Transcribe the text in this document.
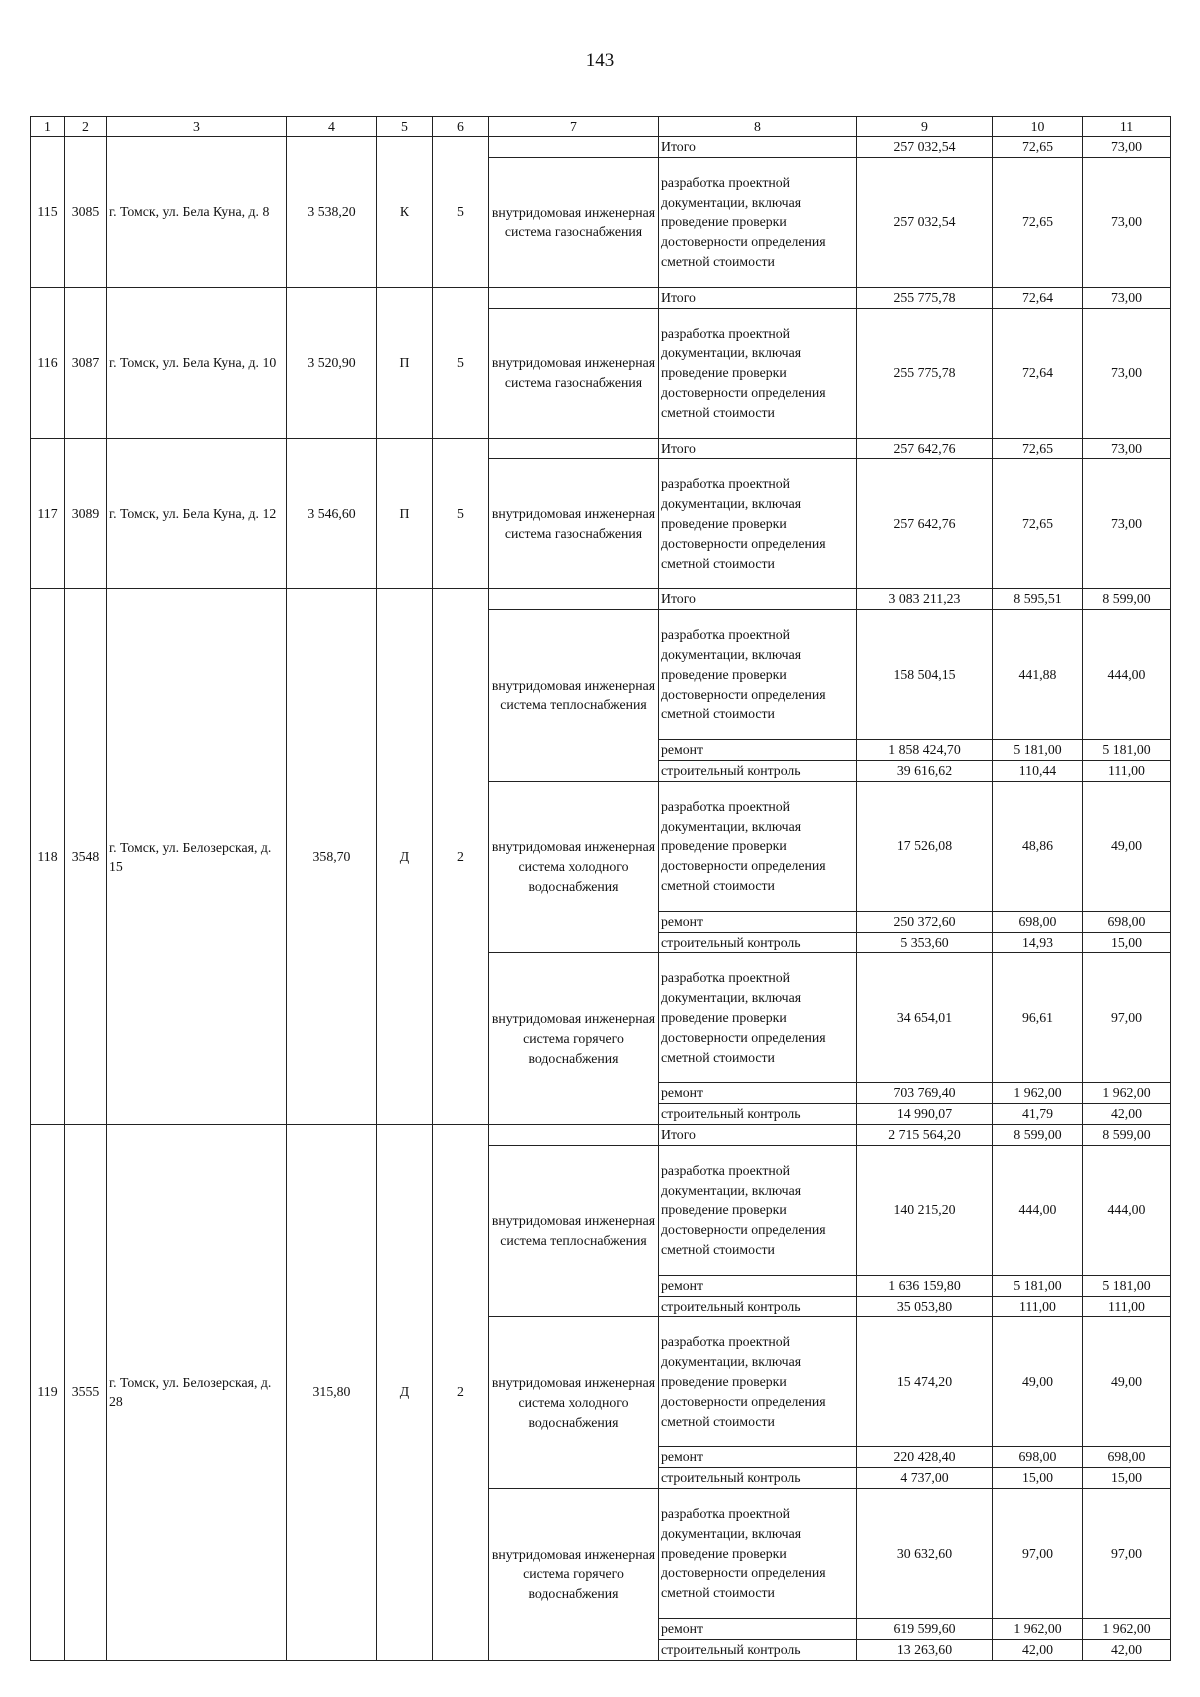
143
1	2	3	4	5	6	7	8	9	10	11
115	3085	г. Томск, ул. Бела Куна, д. 8	3 538,20	К	5		Итого	257 032,54	72,65	73,00
						внутридомовая инженерная система газоснабжения	разработка проектной документации, включая проведение проверки достоверности определения сметной стоимости	257 032,54	72,65	73,00
116	3087	г. Томск, ул. Бела Куна, д. 10	3 520,90	П	5		Итого	255 775,78	72,64	73,00
						внутридомовая инженерная система газоснабжения	разработка проектной документации, включая проведение проверки достоверности определения сметной стоимости	255 775,78	72,64	73,00
117	3089	г. Томск, ул. Бела Куна, д. 12	3 546,60	П	5		Итого	257 642,76	72,65	73,00
						внутридомовая инженерная система газоснабжения	разработка проектной документации, включая проведение проверки достоверности определения сметной стоимости	257 642,76	72,65	73,00
118	3548	г. Томск, ул. Белозерская, д. 15	358,70	Д	2		Итого	3 083 211,23	8 595,51	8 599,00
						внутридомовая инженерная система теплоснабжения	разработка проектной документации, включая проведение проверки достоверности определения сметной стоимости	158 504,15	441,88	444,00
							ремонт	1 858 424,70	5 181,00	5 181,00
							строительный контроль	39 616,62	110,44	111,00
						внутридомовая инженерная система холодного водоснабжения	разработка проектной документации, включая проведение проверки достоверности определения сметной стоимости	17 526,08	48,86	49,00
							ремонт	250 372,60	698,00	698,00
							строительный контроль	5 353,60	14,93	15,00
						внутридомовая инженерная система горячего водоснабжения	разработка проектной документации, включая проведение проверки достоверности определения сметной стоимости	34 654,01	96,61	97,00
							ремонт	703 769,40	1 962,00	1 962,00
							строительный контроль	14 990,07	41,79	42,00
119	3555	г. Томск, ул. Белозерская, д. 28	315,80	Д	2		Итого	2 715 564,20	8 599,00	8 599,00
						внутридомовая инженерная система теплоснабжения	разработка проектной документации, включая проведение проверки достоверности определения сметной стоимости	140 215,20	444,00	444,00
							ремонт	1 636 159,80	5 181,00	5 181,00
							строительный контроль	35 053,80	111,00	111,00
						внутридомовая инженерная система холодного водоснабжения	разработка проектной документации, включая проведение проверки достоверности определения сметной стоимости	15 474,20	49,00	49,00
							ремонт	220 428,40	698,00	698,00
							строительный контроль	4 737,00	15,00	15,00
						внутридомовая инженерная система горячего водоснабжения	разработка проектной документации, включая проведение проверки достоверности определения сметной стоимости	30 632,60	97,00	97,00
							ремонт	619 599,60	1 962,00	1 962,00
							строительный контроль	13 263,60	42,00	42,00
